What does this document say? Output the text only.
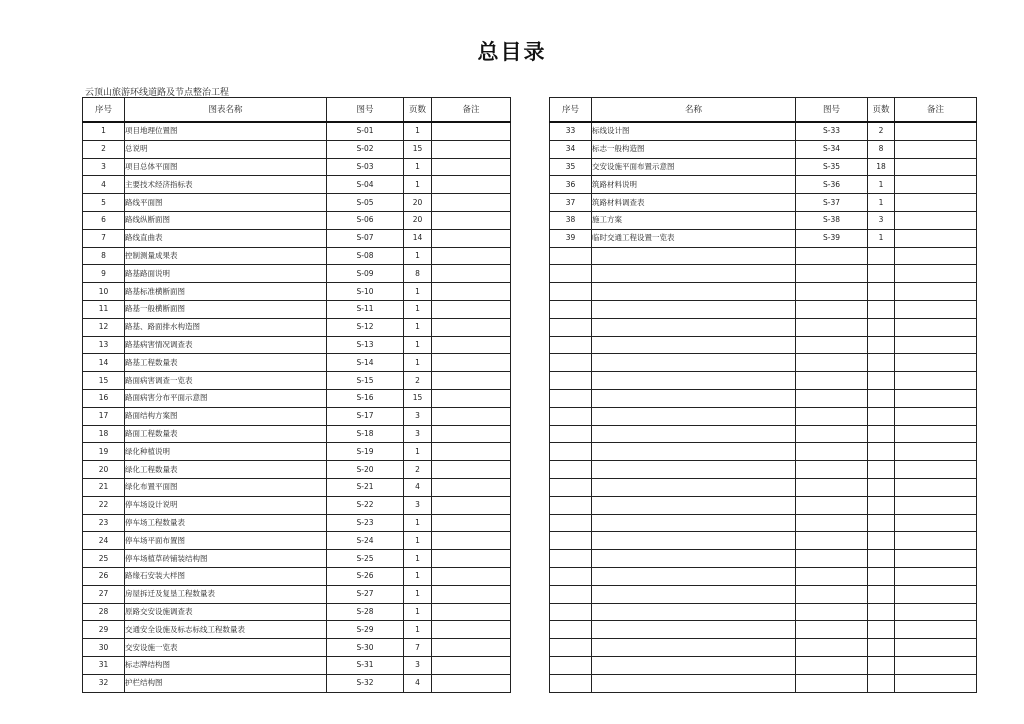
总目录
云顶山旅游环线道路及节点整治工程
序号	图表名称	图号	页数	备注
1	项目地理位置图	S-01	1	
2	总说明	S-02	15	
3	项目总体平面图	S-03	1	
4	主要技术经济指标表	S-04	1	
5	路线平面图	S-05	20	
6	路线纵断面图	S-06	20	
7	路线直曲表	S-07	14	
8	控制测量成果表	S-08	1	
9	路基路面说明	S-09	8	
10	路基标准横断面图	S-10	1	
11	路基一般横断面图	S-11	1	
12	路基、路面排水构造图	S-12	1	
13	路基病害情况调查表	S-13	1	
14	路基工程数量表	S-14	1	
15	路面病害调查一览表	S-15	2	
16	路面病害分布平面示意图	S-16	15	
17	路面结构方案图	S-17	3	
18	路面工程数量表	S-18	3	
19	绿化种植说明	S-19	1	
20	绿化工程数量表	S-20	2	
21	绿化布置平面图	S-21	4	
22	停车场设计说明	S-22	3	
23	停车场工程数量表	S-23	1	
24	停车场平面布置图	S-24	1	
25	停车场植草砖铺装结构图	S-25	1	
26	路缘石安装大样图	S-26	1	
27	房屋拆迁及复垦工程数量表	S-27	1	
28	原路交安设施调查表	S-28	1	
29	交通安全设施及标志标线工程数量表	S-29	1	
30	交安设施一览表	S-30	7	
31	标志牌结构图	S-31	3	
32	护栏结构图	S-32	4	
序号	名称	图号	页数	备注
33	标线设计图	S-33	2	
34	标志一般构造图	S-34	8	
35	交安设施平面布置示意图	S-35	18	
36	筑路材料说明	S-36	1	
37	筑路材料调查表	S-37	1	
38	施工方案	S-38	3	
39	临时交通工程设置一览表	S-39	1	
